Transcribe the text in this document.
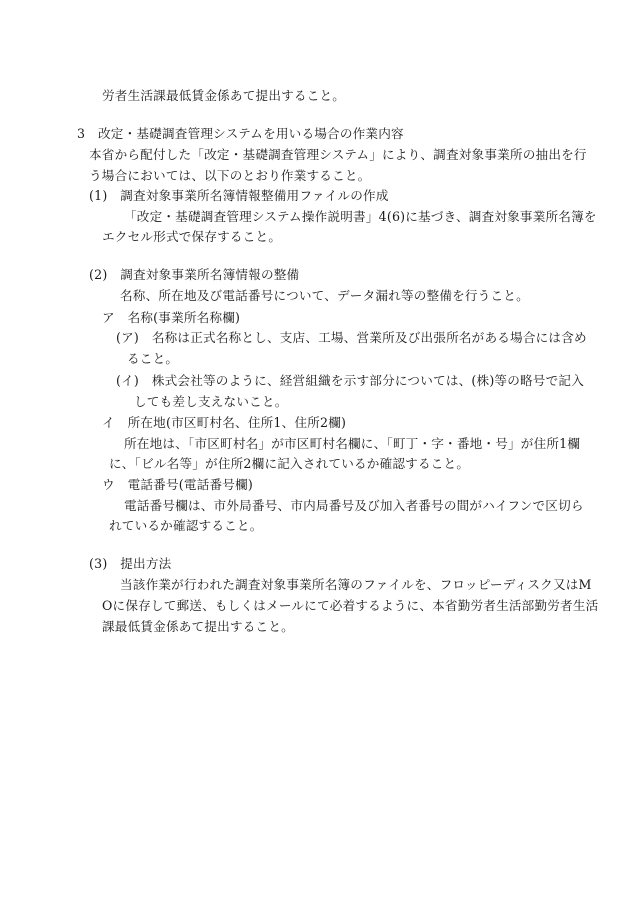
労者生活課最低賃金係あて提出すること。

3　改定・基礎調査管理システムを用いる場合の作業内容

本省から配付した「改定・基礎調査管理システム」により、調査対象事業所の抽出を行

う場合においては、以下のとおり作業すること。

(1)　調査対象事業所名簿情報整備用ファイルの作成

「改定・基礎調査管理システム操作説明書」4(6)に基づき、調査対象事業所名簿を

エクセル形式で保存すること。

(2)　調査対象事業所名簿情報の整備

名称、所在地及び電話番号について、データ漏れ等の整備を行うこと。

ア　名称(事業所名称欄)

(ア)　名称は正式名称とし、支店、工場、営業所及び出張所名がある場合には含め

ること。

(イ)　株式会社等のように、経営組織を示す部分については、(株)等の略号で記入

しても差し支えないこと。

イ　所在地(市区町村名、住所1、住所2欄)

所在地は、「市区町村名」が市区町村名欄に、「町丁・字・番地・号」が住所1欄

に、「ビル名等」が住所2欄に記入されているか確認すること。

ウ　電話番号(電話番号欄)

電話番号欄は、市外局番号、市内局番号及び加入者番号の間がハイフンで区切ら

れているか確認すること。

(3)　提出方法

当該作業が行われた調査対象事業所名簿のファイルを、フロッピーディスク又はM

Oに保存して郵送、もしくはメールにて必着するように、本省勤労者生活部勤労者生活

課最低賃金係あて提出すること。
